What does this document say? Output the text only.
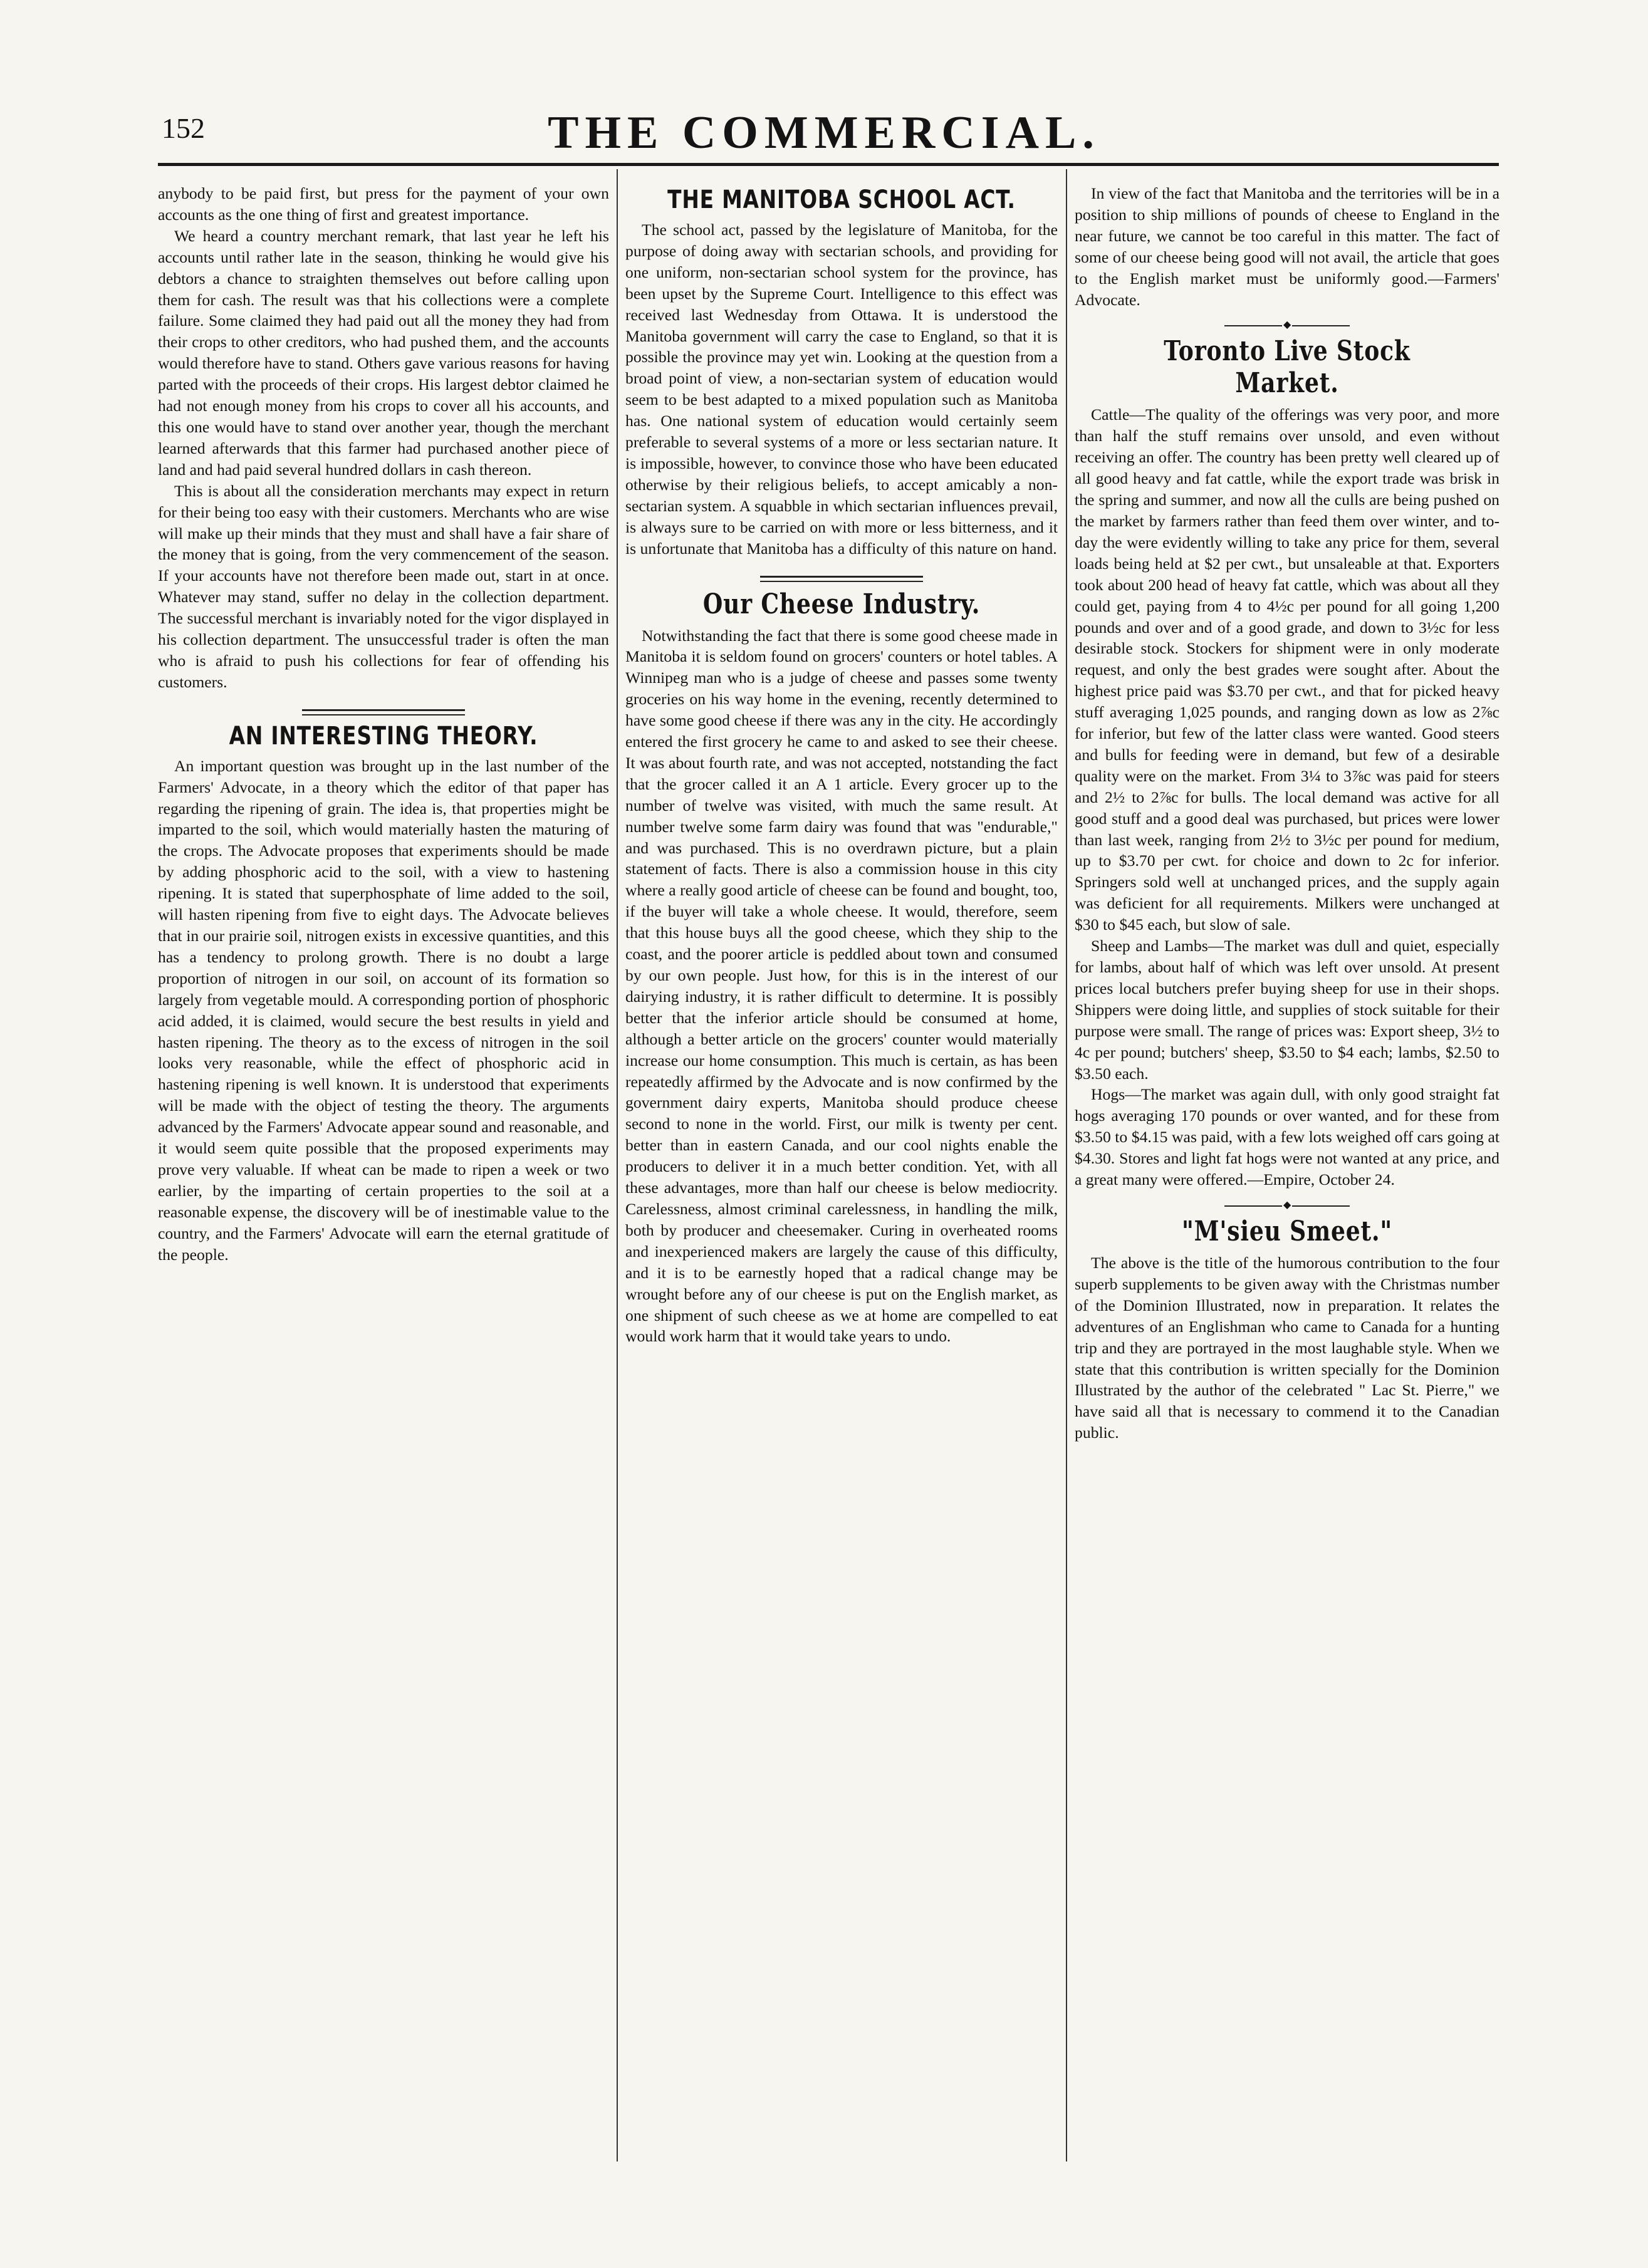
152	THE COMMERCIAL.

anybody to be paid first, but press for the payment of your own accounts as the one thing of first and greatest importance.

We heard a country merchant remark, that last year he left his accounts until rather late in the season, thinking he would give his debtors a chance to straighten themselves out before calling upon them for cash. The result was that his collections were a complete failure. Some claimed they had paid out all the money they had from their crops to other creditors, who had pushed them, and the accounts would therefore have to stand. Others gave various reasons for having parted with the proceeds of their crops. His largest debtor claimed he had not enough money from his crops to cover all his accounts, and this one would have to stand over another year, though the merchant learned afterwards that this farmer had purchased another piece of land and had paid several hundred dollars in cash thereon.

This is about all the consideration merchants may expect in return for their being too easy with their customers. Merchants who are wise will make up their minds that they must and shall have a fair share of the money that is going, from the very commencement of the season. If your accounts have not therefore been made out, start in at once. Whatever may stand, suffer no delay in the collection department. The successful merchant is invariably noted for the vigor displayed in his collection department. The unsuccessful trader is often the man who is afraid to push his collections for fear of offending his customers.

AN INTERESTING THEORY.

An important question was brought up in the last number of the Farmers' Advocate, in a theory which the editor of that paper has regarding the ripening of grain. The idea is, that properties might be imparted to the soil, which would materially hasten the maturing of the crops. The Advocate proposes that experiments should be made by adding phosphoric acid to the soil, with a view to hastening ripening. It is stated that superphosphate of lime added to the soil, will hasten ripening from five to eight days. The Advocate believes that in our prairie soil, nitrogen exists in excessive quantities, and this has a tendency to prolong growth. There is no doubt a large proportion of nitrogen in our soil, on account of its formation so largely from vegetable mould. A corresponding portion of phosphoric acid added, it is claimed, would secure the best results in yield and hasten ripening. The theory as to the excess of nitrogen in the soil looks very reasonable, while the effect of phosphoric acid in hastening ripening is well known. It is understood that experiments will be made with the object of testing the theory. The arguments advanced by the Farmers' Advocate appear sound and reasonable, and it would seem quite possible that the proposed experiments may prove very valuable. If wheat can be made to ripen a week or two earlier, by the imparting of certain properties to the soil at a reasonable expense, the discovery will be of inestimable value to the country, and the Farmers' Advocate will earn the eternal gratitude of the people.

THE MANITOBA SCHOOL ACT.

The school act, passed by the legislature of Manitoba, for the purpose of doing away with sectarian schools, and providing for one uniform, non-sectarian school system for the province, has been upset by the Supreme Court. Intelligence to this effect was received last Wednesday from Ottawa. It is understood the Manitoba government will carry the case to England, so that it is possible the province may yet win. Looking at the question from a broad point of view, a non-sectarian system of education would seem to be best adapted to a mixed population such as Manitoba has. One national system of education would certainly seem preferable to several systems of a more or less sectarian nature. It is impossible, however, to convince those who have been educated otherwise by their religious beliefs, to accept amicably a non-sectarian system. A squabble in which sectarian influences prevail, is always sure to be carried on with more or less bitterness, and it is unfortunate that Manitoba has a difficulty of this nature on hand.

Our Cheese Industry.

Notwithstanding the fact that there is some good cheese made in Manitoba it is seldom found on grocers' counters or hotel tables. A Winnipeg man who is a judge of cheese and passes some twenty groceries on his way home in the evening, recently determined to have some good cheese if there was any in the city. He accordingly entered the first grocery he came to and asked to see their cheese. It was about fourth rate, and was not accepted, notstanding the fact that the grocer called it an A 1 article. Every grocer up to the number of twelve was visited, with much the same result. At number twelve some farm dairy was found that was "endurable," and was purchased. This is no overdrawn picture, but a plain statement of facts. There is also a commission house in this city where a really good article of cheese can be found and bought, too, if the buyer will take a whole cheese. It would, therefore, seem that this house buys all the good cheese, which they ship to the coast, and the poorer article is peddled about town and consumed by our own people. Just how, for this is in the interest of our dairying industry, it is rather difficult to determine. It is possibly better that the inferior article should be consumed at home, although a better article on the grocers' counter would materially increase our home consumption. This much is certain, as has been repeatedly affirmed by the Advocate and is now confirmed by the government dairy experts, Manitoba should produce cheese second to none in the world. First, our milk is twenty per cent. better than in eastern Canada, and our cool nights enable the producers to deliver it in a much better condition. Yet, with all these advantages, more than half our cheese is below mediocrity. Carelessness, almost criminal carelessness, in handling the milk, both by producer and cheesemaker. Curing in overheated rooms and inexperienced makers are largely the cause of this difficulty, and it is to be earnestly hoped that a radical change may be wrought before any of our cheese is put on the English market, as one shipment of such cheese as we at home are compelled to eat would work harm that it would take years to undo.

In view of the fact that Manitoba and the territories will be in a position to ship millions of pounds of cheese to England in the near future, we cannot be too careful in this matter. The fact of some of our cheese being good will not avail, the article that goes to the English market must be uniformly good.—Farmers' Advocate.

◆
Toronto Live Stock Market.

Cattle—The quality of the offerings was very poor, and more than half the stuff remains over unsold, and even without receiving an offer. The country has been pretty well cleared up of all good heavy and fat cattle, while the export trade was brisk in the spring and summer, and now all the culls are being pushed on the market by farmers rather than feed them over winter, and to-day the were evidently willing to take any price for them, several loads being held at $2 per cwt., but unsaleable at that. Exporters took about 200 head of heavy fat cattle, which was about all they could get, paying from 4 to 4½c per pound for all going 1,200 pounds and over and of a good grade, and down to 3½c for less desirable stock. Stockers for shipment were in only moderate request, and only the best grades were sought after. About the highest price paid was $3.70 per cwt., and that for picked heavy stuff averaging 1,025 pounds, and ranging down as low as 2⅞c for inferior, but few of the latter class were wanted. Good steers and bulls for feeding were in demand, but few of a desirable quality were on the market. From 3¼ to 3⅞c was paid for steers and 2½ to 2⅞c for bulls. The local demand was active for all good stuff and a good deal was purchased, but prices were lower than last week, ranging from 2½ to 3½c per pound for medium, up to $3.70 per cwt. for choice and down to 2c for inferior. Springers sold well at unchanged prices, and the supply again was deficient for all requirements. Milkers were unchanged at $30 to $45 each, but slow of sale.

Sheep and Lambs—The market was dull and quiet, especially for lambs, about half of which was left over unsold. At present prices local butchers prefer buying sheep for use in their shops. Shippers were doing little, and supplies of stock suitable for their purpose were small. The range of prices was: Export sheep, 3½ to 4c per pound; butchers' sheep, $3.50 to $4 each; lambs, $2.50 to $3.50 each.

Hogs—The market was again dull, with only good straight fat hogs averaging 170 pounds or over wanted, and for these from $3.50 to $4.15 was paid, with a few lots weighed off cars going at $4.30. Stores and light fat hogs were not wanted at any price, and a great many were offered.—Empire, October 24.

◆
"M'sieu Smeet."

The above is the title of the humorous contribution to the four superb supplements to be given away with the Christmas number of the Dominion Illustrated, now in preparation. It relates the adventures of an Englishman who came to Canada for a hunting trip and they are portrayed in the most laughable style. When we state that this contribution is written specially for the Dominion Illustrated by the author of the celebrated " Lac St. Pierre," we have said all that is necessary to commend it to the Canadian public.
